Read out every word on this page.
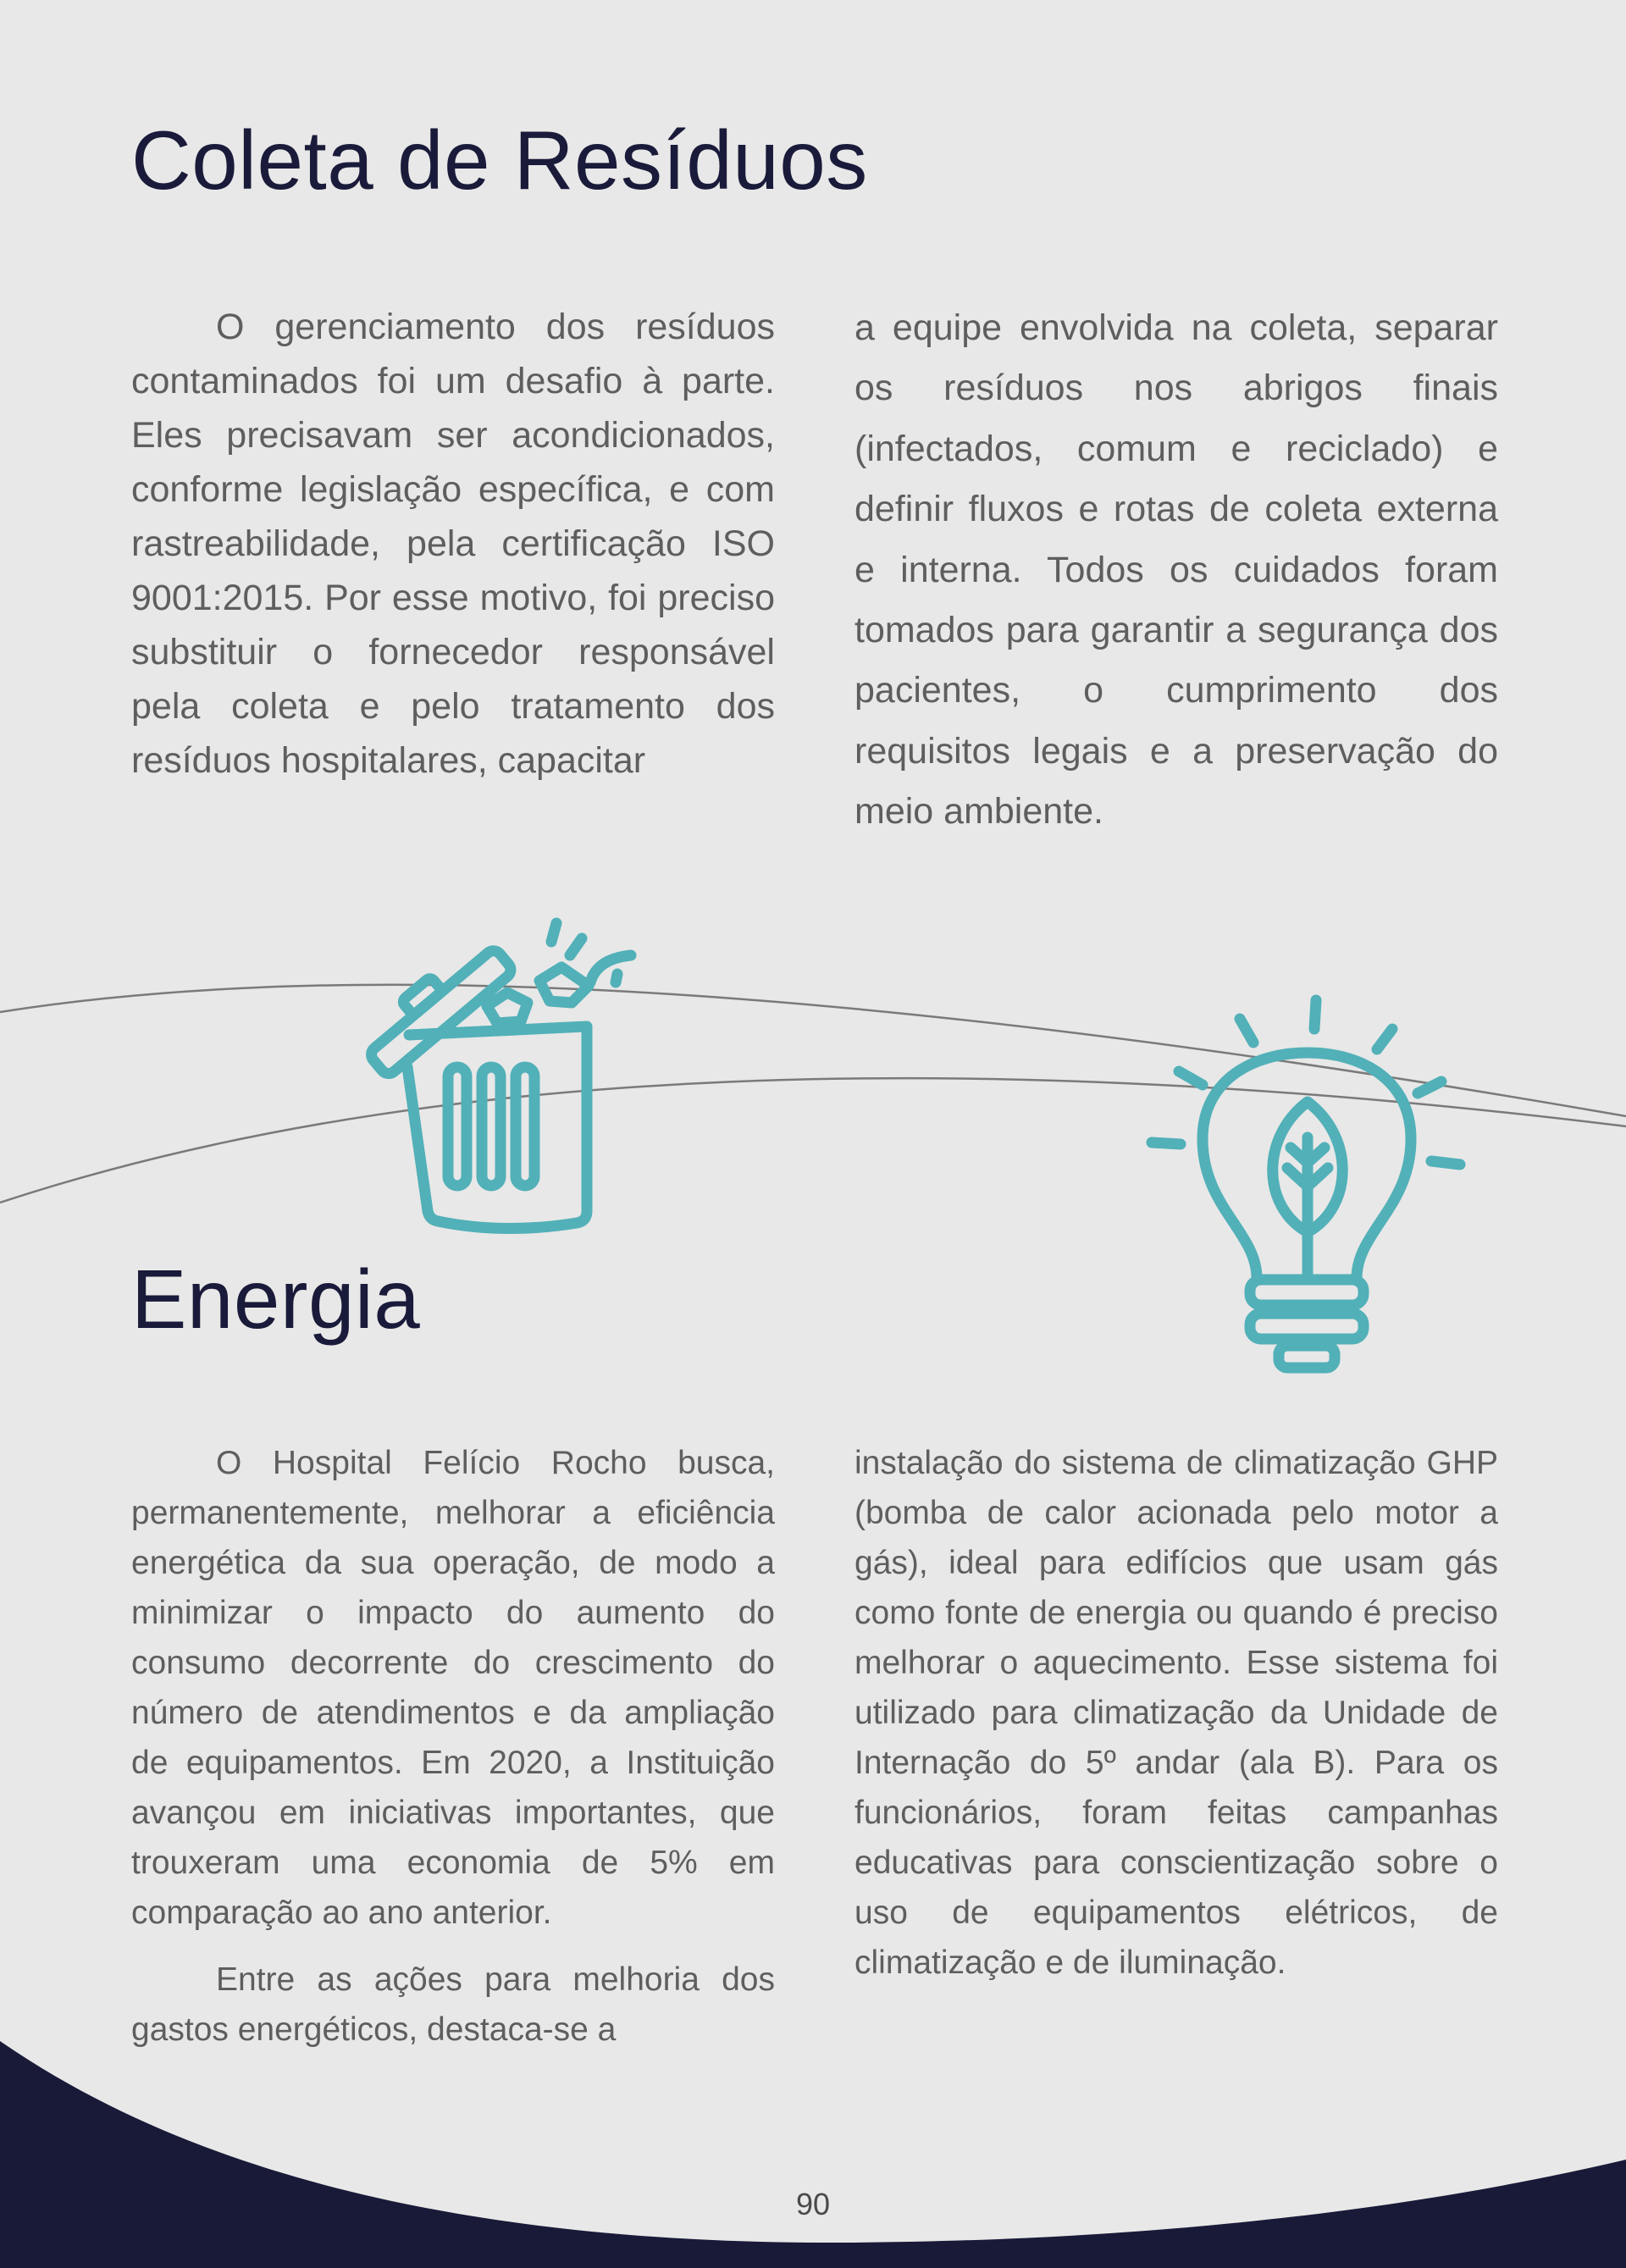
Coleta de Resíduos

O gerenciamento dos resíduos contaminados foi um desafio à parte. Eles precisavam ser acondicionados, conforme legislação específica, e com rastreabilidade, pela certificação ISO 9001:2015. Por esse motivo, foi preciso substituir o fornecedor responsável pela coleta e pelo tratamento dos resíduos hospitalares, capacitar

a equipe envolvida na coleta, separar os resíduos nos abrigos finais (infectados, comum e reciclado) e definir fluxos e rotas de coleta externa e interna. Todos os cuidados foram tomados para garantir a segurança dos pacientes, o cumprimento dos requisitos legais e a preservação do meio ambiente.

Energia

O Hospital Felício Rocho busca, permanentemente, melhorar a eficiência energética da sua operação, de modo a minimizar o impacto do aumento do consumo decorrente do crescimento do número de atendimentos e da ampliação de equipamentos. Em 2020, a Instituição avançou em iniciativas importantes, que trouxeram uma economia de 5% em comparação ao ano anterior.

Entre as ações para melhoria dos gastos energéticos, destaca-se a

instalação do sistema de climatização GHP (bomba de calor acionada pelo motor a gás), ideal para edifícios que usam gás como fonte de energia ou quando é preciso melhorar o aquecimento. Esse sistema foi utilizado para climatização da Unidade de Internação do 5º andar (ala B). Para os funcionários, foram feitas campanhas educativas para conscientização sobre o uso de equipamentos elétricos, de climatização e de iluminação.

90
